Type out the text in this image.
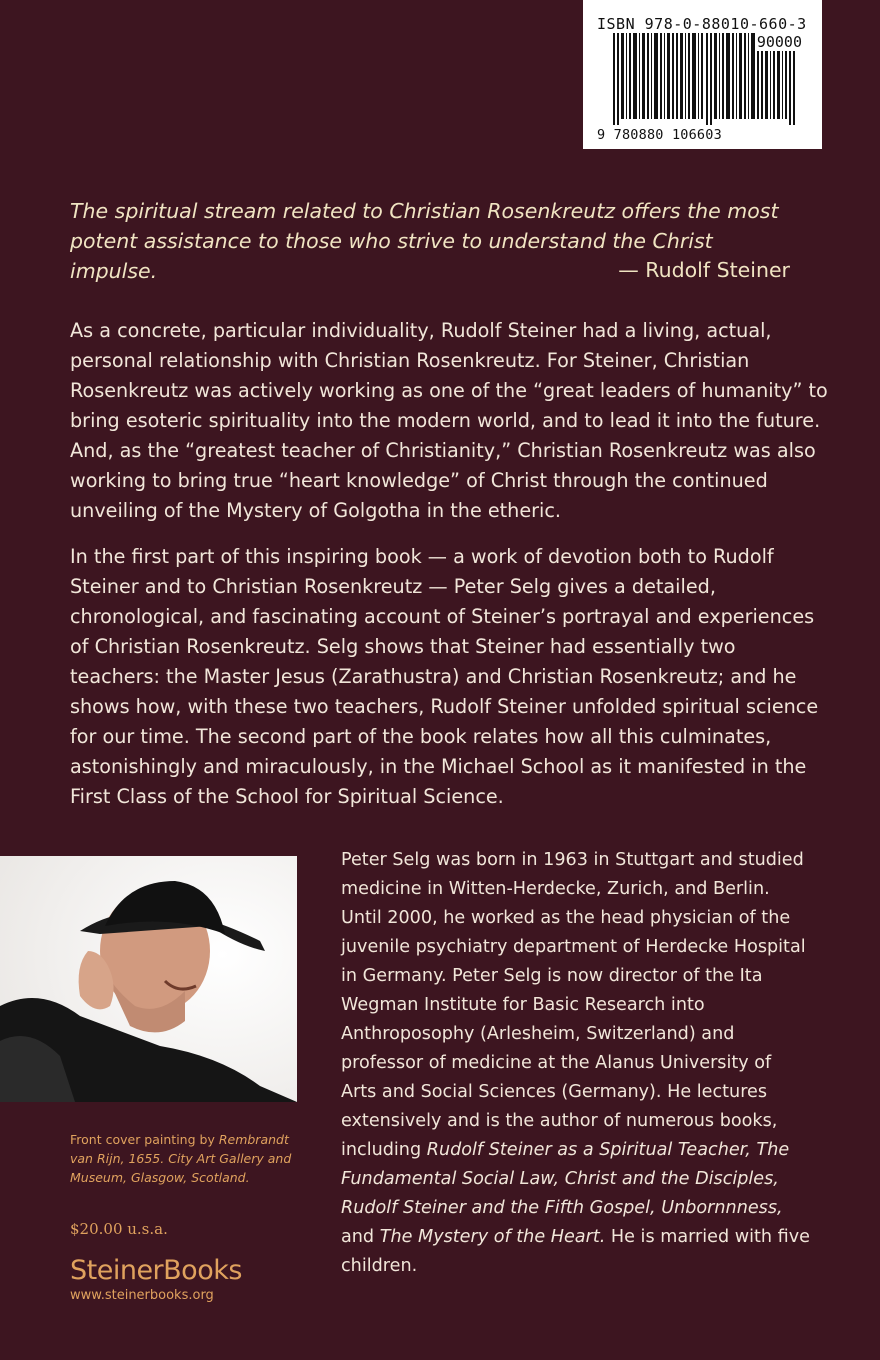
ISBN 978-0-88010-660-3
90000
9 780880 106603
The spiritual stream related to Christian Rosenkreutz offers the most potent assistance to those who strive to understand the Christ impulse.	— Rudolf Steiner
As a concrete, particular individuality, Rudolf Steiner had a living, actual, personal relationship with Christian Rosenkreutz. For Steiner, Christian Rosenkreutz was actively working as one of the “great leaders of humanity” to bring esoteric spirituality into the modern world, and to lead it into the future. And, as the “greatest teacher of Christianity,” Christian Rosenkreutz was also working to bring true “heart knowledge” of Christ through the continued unveiling of the Mystery of Golgotha in the etheric.
In the first part of this inspiring book — a work of devotion both to Rudolf Steiner and to Christian Rosenkreutz — Peter Selg gives a detailed, chronological, and fascinating account of Steiner’s portrayal and experiences of Christian Rosenkreutz. Selg shows that Steiner had essentially two teachers: the Master Jesus (Zarathustra) and Christian Rosenkreutz; and he shows how, with these two teachers, Rudolf Steiner unfolded spiritual science for our time. The second part of the book relates how all this culminates, astonishingly and miraculously, in the Michael School as it manifested in the First Class of the School for Spiritual Science.
Front cover painting by Rembrandt van Rijn, 1655. City Art Gallery and Museum, Glasgow, Scotland.
$20.00 u.s.a.
SteinerBooks
www.steinerbooks.org
Peter Selg was born in 1963 in Stuttgart and studied medicine in Witten-Herdecke, Zurich, and Berlin. Until 2000, he worked as the head physician of the juvenile psychiatry department of Herdecke Hospital in Germany. Peter Selg is now director of the Ita Wegman Institute for Basic Research into Anthroposophy (Arlesheim, Switzerland) and professor of medicine at the Alanus University of Arts and Social Sciences (Germany). He lectures extensively and is the author of numerous books, including Rudolf Steiner as a Spiritual Teacher, The Fundamental Social Law, Christ and the Disciples, Rudolf Steiner and the Fifth Gospel, Unbornnness, and The Mystery of the Heart. He is married with five children.
